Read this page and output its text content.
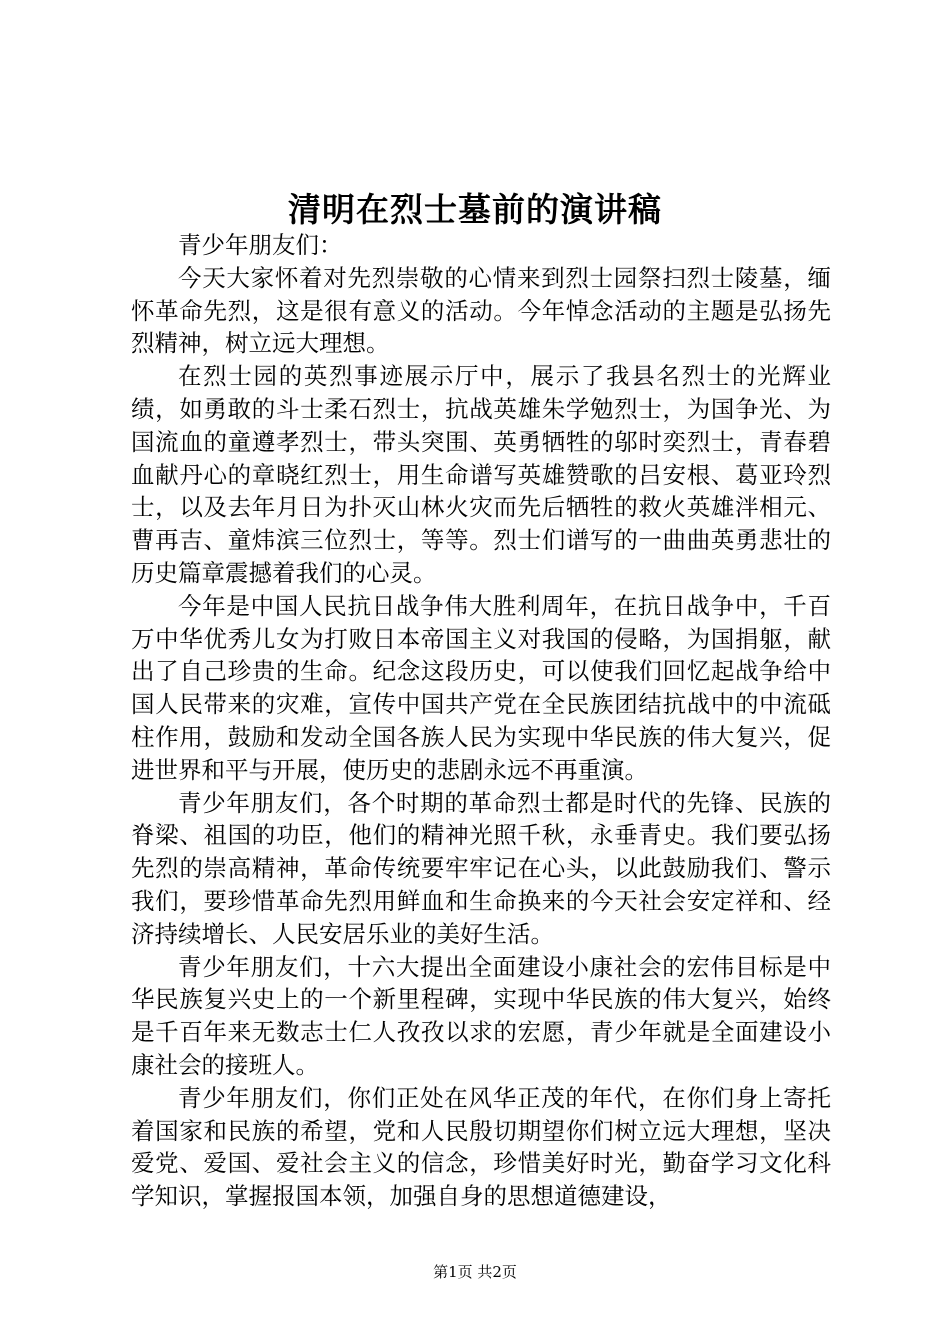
清明在烈士墓前的演讲稿

青少年朋友们：

今天大家怀着对先烈崇敬的心情来到烈士园祭扫烈士陵墓，缅怀革命先烈，这是很有意义的活动。今年悼念活动的主题是弘扬先烈精神，树立远大理想。

在烈士园的英烈事迹展示厅中，展示了我县名烈士的光辉业绩，如勇敢的斗士柔石烈士，抗战英雄朱学勉烈士，为国争光、为国流血的童遵孝烈士，带头突围、英勇牺牲的邬时奕烈士，青春碧血献丹心的章晓红烈士，用生命谱写英雄赞歌的吕安根、葛亚玲烈士，以及去年月日为扑灭山林火灾而先后牺牲的救火英雄泮相元、曹再吉、童炜滨三位烈士，等等。烈士们谱写的一曲曲英勇悲壮的历史篇章震撼着我们的心灵。

今年是中国人民抗日战争伟大胜利周年，在抗日战争中，千百万中华优秀儿女为打败日本帝国主义对我国的侵略，为国捐躯，献出了自己珍贵的生命。纪念这段历史，可以使我们回忆起战争给中国人民带来的灾难，宣传中国共产党在全民族团结抗战中的中流砥柱作用，鼓励和发动全国各族人民为实现中华民族的伟大复兴，促进世界和平与开展，使历史的悲剧永远不再重演。

青少年朋友们，各个时期的革命烈士都是时代的先锋、民族的脊梁、祖国的功臣，他们的精神光照千秋，永垂青史。我们要弘扬先烈的崇高精神，革命传统要牢牢记在心头，以此鼓励我们、警示我们，要珍惜革命先烈用鲜血和生命换来的今天社会安定祥和、经济持续增长、人民安居乐业的美好生活。

青少年朋友们，十六大提出全面建设小康社会的宏伟目标是中华民族复兴史上的一个新里程碑，实现中华民族的伟大复兴，始终是千百年来无数志士仁人孜孜以求的宏愿，青少年就是全面建设小康社会的接班人。

青少年朋友们，你们正处在风华正茂的年代，在你们身上寄托着国家和民族的希望，党和人民殷切期望你们树立远大理想，坚决爱党、爱国、爱社会主义的信念，珍惜美好时光，勤奋学习文化科学知识，掌握报国本领，加强自身的思想道德建设，

第1页 共2页
